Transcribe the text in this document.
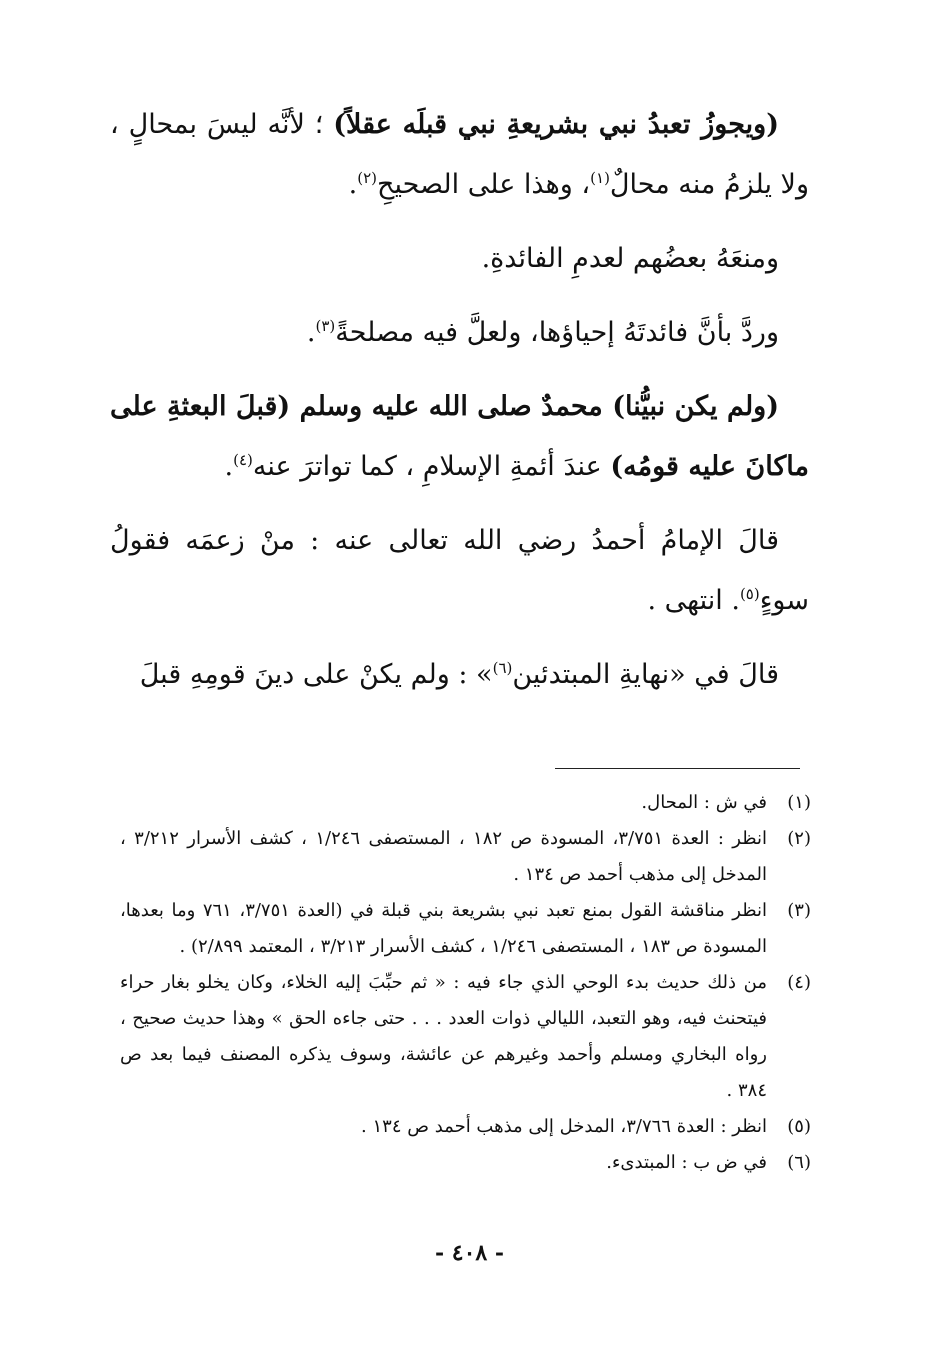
(ويجوزُ تعبدُ نبي بشريعةِ نبي قبلَه عقلاً) ؛ لأنَّه ليسَ بمحالٍ ، ولا يلزمُ منه محالٌ$^{(١)}$، وهذا على الصحيحِ$^{(٢)}$.

ومنعَهُ بعضُهم لعدمِ الفائدةِ.

وردَّ بأنَّ فائدتَهُ إحياؤها، ولعلَّ فيه مصلحةً$^{(٣)}$.

(ولم يكن نبيُّنا) محمدٌ صلى الله عليه وسلم (قبلَ البعثةِ على ماكانَ عليه قومُه) عندَ أئمةِ الإسلامِ ، كما تواترَ عنه$^{(٤)}$.

قالَ الإمامُ أحمدُ رضي الله تعالى عنه : منْ زعمَه فقولُ سوءٍ$^{(٥)}$. انتهى .

قالَ في «نهايةِ المبتدئين$^{(٦)}$» : ولم يكنْ على دينَ قومِهِ قبلَ

(١)
في ش : المحال.
(٢)
انظر : العدة ٣/٧٥١، المسودة ص ١٨٢ ، المستصفى ١/٢٤٦ ، كشف الأسرار ٣/٢١٢ ، المدخل إلى مذهب أحمد ص ١٣٤ .
(٣)
انظر مناقشة القول بمنع تعبد نبي بشريعة بني قبلة في (العدة ٣/٧٥١، ٧٦١ وما بعدها، المسودة ص ١٨٣ ، المستصفى ١/٢٤٦ ، كشف الأسرار ٣/٢١٣ ، المعتمد ٢/٨٩٩) .
(٤)
من ذلك حديث بدء الوحي الذي جاء فيه : « ثم حبِّبَ إليه الخلاء، وكان يخلو بغار حراء فيتحنث فيه، وهو التعبد، الليالي ذوات العدد . . . حتى جاءه الحق » وهذا حديث صحيح ، رواه البخاري ومسلم وأحمد وغيرهم عن عائشة، وسوف يذكره المصنف فيما بعد ص ٣٨٤ .
(٥)
انظر : العدة ٣/٧٦٦، المدخل إلى مذهب أحمد ص ١٣٤ .
(٦)
في ض ب : المبتدىء.
- ٤٠٨ -
